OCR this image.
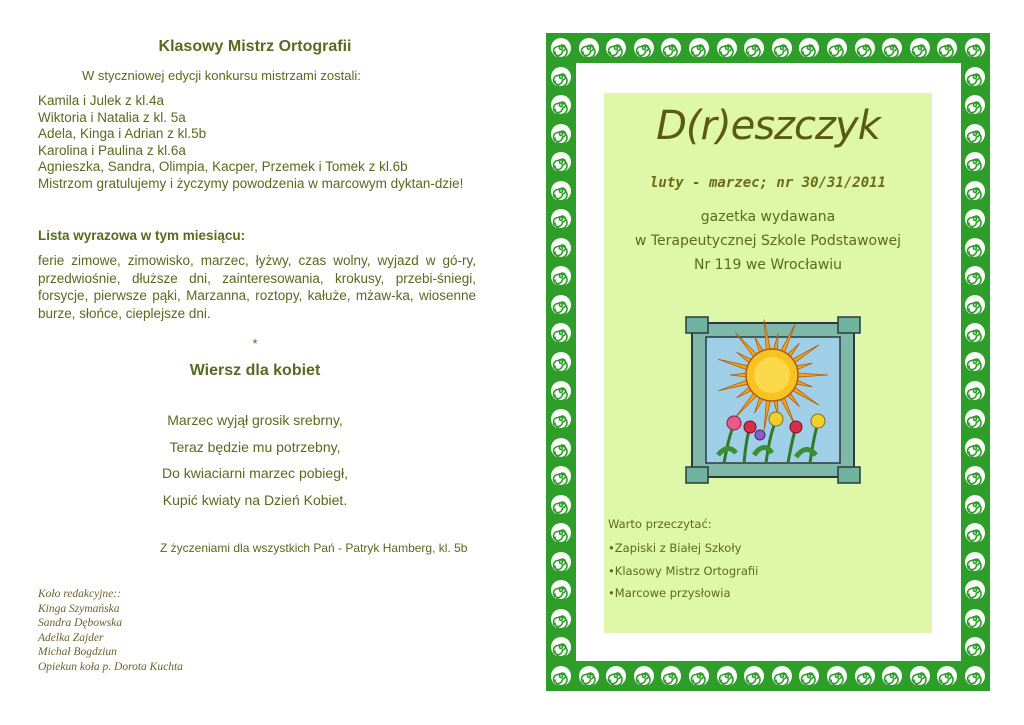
Klasowy Mistrz Ortografii
W styczniowej edycji konkursu mistrzami zostali:
Kamila i Julek z kl.4a
Wiktoria i Natalia z kl. 5a
Adela, Kinga i Adrian z kl.5b
Karolina i Paulina z kl.6a
Agnieszka, Sandra, Olimpia, Kacper, Przemek i Tomek z kl.6b
Mistrzom gratulujemy i życzymy powodzenia w marcowym dyktan-dzie!
Lista wyrazowa w tym miesiącu:
ferie zimowe, zimowisko, marzec, łyżwy, czas wolny, wyjazd w gó-ry, przedwiośnie, dłuższe dni, zainteresowania, krokusy, przebi-śniegi, forsycje, pierwsze pąki, Marzanna, roztopy, kałuże, mżaw-ka, wiosenne burze, słońce, cieplejsze dni.
*
Wiersz dla kobiet
Marzec wyjął grosik srebrny,
Teraz będzie mu potrzebny,
Do kwiaciarni marzec pobiegł,
Kupić kwiaty na Dzień Kobiet.
Z życzeniami dla wszystkich Pań - Patryk Hamberg, kl. 5b
Koło redakcyjne::
Kinga Szymańska
Sandra Dębowska
Adelka Zajder
Michał Bogdziun
Opiekun koła p. Dorota Kuchta
D(r)eszczyk
luty - marzec; nr 30/31/2011
gazetka wydawana
w Terapeutycznej Szkole Podstawowej
Nr 119 we Wrocławiu
Warto przeczytać:
•Zapiski z Białej Szkoły
•Klasowy Mistrz Ortografii
•Marcowe przysłowia
